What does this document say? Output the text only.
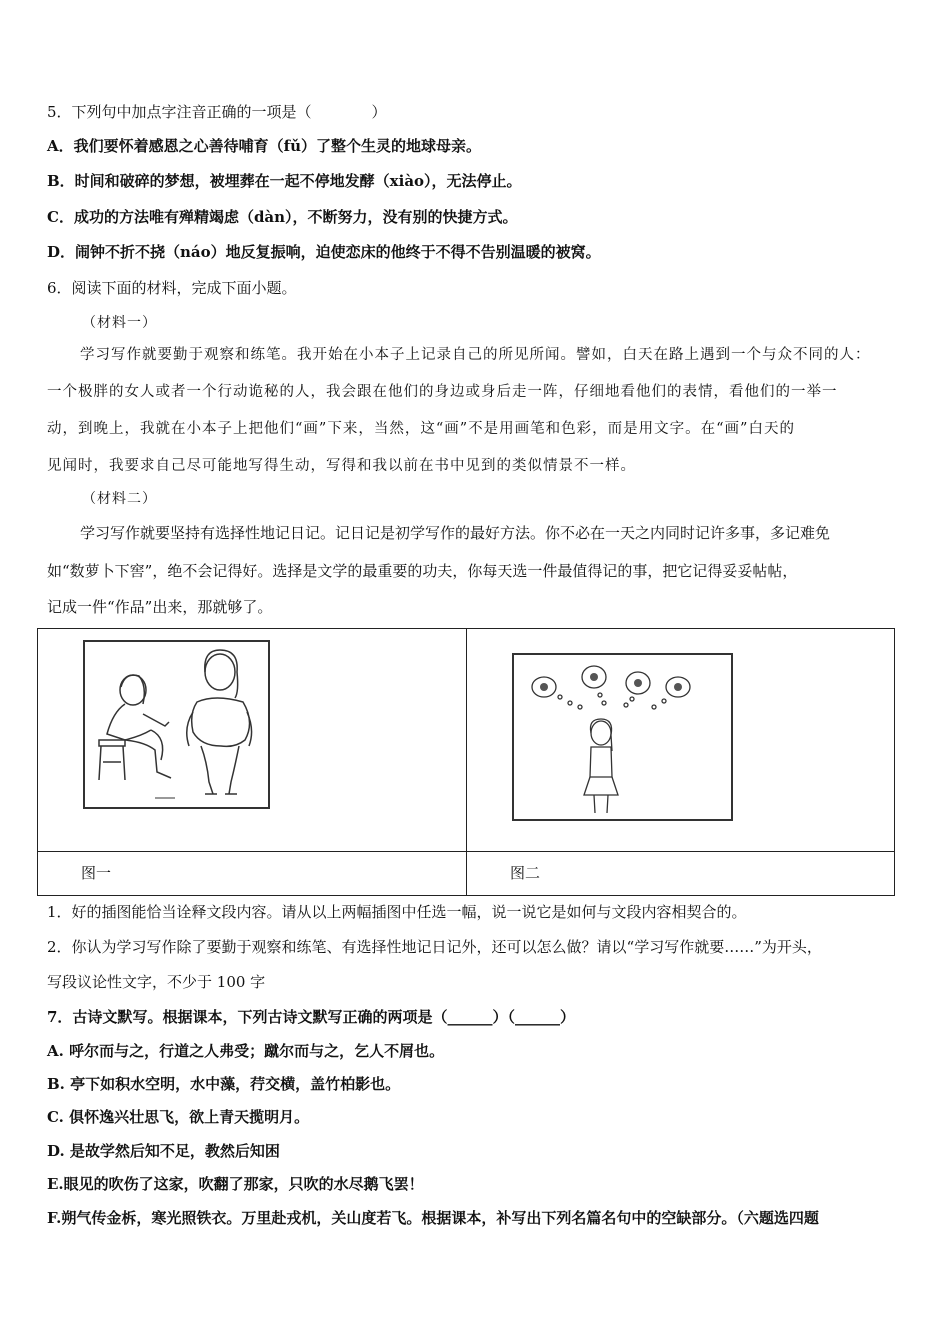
5．下列句中加点字注音正确的一项是（　　　　）
A．我们要怀着感恩之心善待哺育（fǔ）了整个生灵的地球母亲。
B．时间和破碎的梦想，被埋葬在一起不停地发酵（xiào），无法停止。
C．成功的方法唯有殚精竭虑（dàn），不断努力，没有别的快捷方式。
D．闹钟不折不挠（náo）地反复振响，迫使恋床的他终于不得不告别温暖的被窝。
6．阅读下面的材料，完成下面小题。
（材料一）
学习写作就要勤于观察和练笔。我开始在小本子上记录自己的所见所闻。譬如，白天在路上遇到一个与众不同的人：
一个极胖的女人或者一个行动诡秘的人，我会跟在他们的身边或身后走一阵，仔细地看他们的表情，看他们的一举一
动，到晚上，我就在小本子上把他们“画”下来，当然，这“画”不是用画笔和色彩，而是用文字。在“画”白天的
见闻时，我要求自己尽可能地写得生动，写得和我以前在书中见到的类似情景不一样。
（材料二）
学习写作就要坚持有选择性地记日记。记日记是初学写作的最好方法。你不必在一天之内同时记许多事，多记难免
如“数萝卜下窖”，绝不会记得好。选择是文学的最重要的功夫，你每天选一件最值得记的事，把它记得妥妥帖帖，
记成一件“作品”出来，那就够了。
图一	图二
1．好的插图能恰当诠释文段内容。请从以上两幅插图中任选一幅，说一说它是如何与文段内容相契合的。
2．你认为学习写作除了要勤于观察和练笔、有选择性地记日记外，还可以怎么做？请以“学习写作就要……”为开头，
写段议论性文字，不少于 100 字
7．古诗文默写。根据课本，下列古诗文默写正确的两项是（______）（______）
A. 呼尔而与之，行道之人弗受；蹴尔而与之，乞人不屑也。
B. 亭下如积水空明，水中藻，荇交横，盖竹柏影也。
C. 俱怀逸兴壮思飞，欲上青天揽明月。
D. 是故学然后知不足，教然后知困
E.眼见的吹伤了这家，吹翻了那家，只吹的水尽鹅飞罢！
F.朔气传金柝，寒光照铁衣。万里赴戎机，关山度若飞。根据课本，补写出下列名篇名句中的空缺部分。（六题选四题
